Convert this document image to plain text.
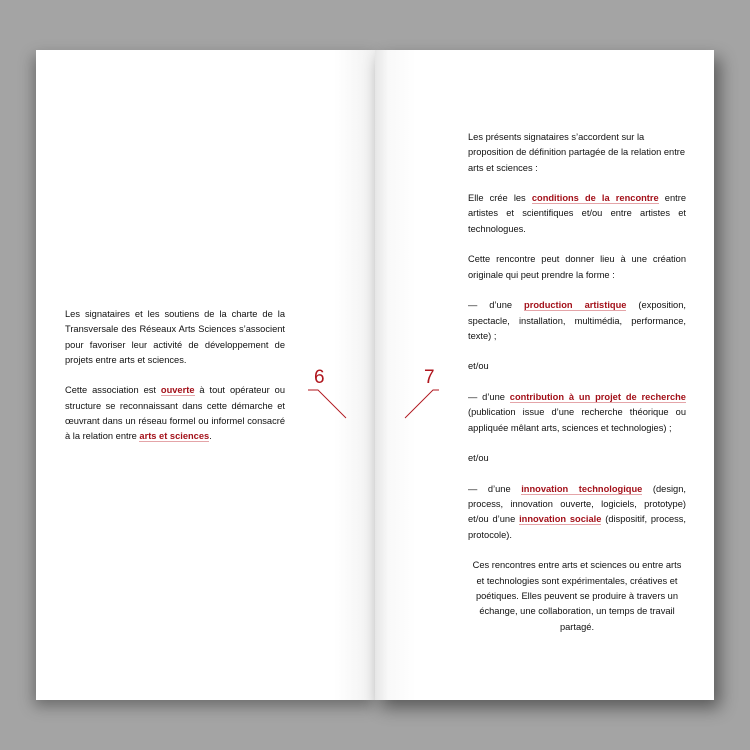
Les signataires et les soutiens de la charte de la Transversale des Réseaux Arts Sciences s’associent pour favoriser leur activité de développement de projets entre arts et sciences.

Cette association est ouverte à tout opérateur ou structure se reconnaissant dans cette démarche et œuvrant dans un réseau formel ou informel consacré à la relation entre arts et sciences.

6

Les présents signataires s’accordent sur la proposition de définition partagée de la relation entre arts et sciences :

Elle crée les conditions de la rencontre entre artistes et scientifiques et/ou entre artistes et technologues.

Cette rencontre peut donner lieu à une création originale qui peut prendre la forme :

— d’une production artistique (exposition, spectacle, installation, multimédia, performance, texte) ;

et/ou

— d’une contribution à un projet de recherche (publication issue d’une recherche théorique ou appliquée mêlant arts, sciences et technologies) ;

et/ou

— d’une innovation technologique (design, process, innovation ouverte, logiciels, prototype) et/ou d’une innovation sociale (dispositif, process, protocole).

Ces rencontres entre arts et sciences ou entre arts et technologies sont expérimentales, créatives et poétiques. Elles peuvent se produire à travers un échange, une collaboration, un temps de travail partagé.

7
